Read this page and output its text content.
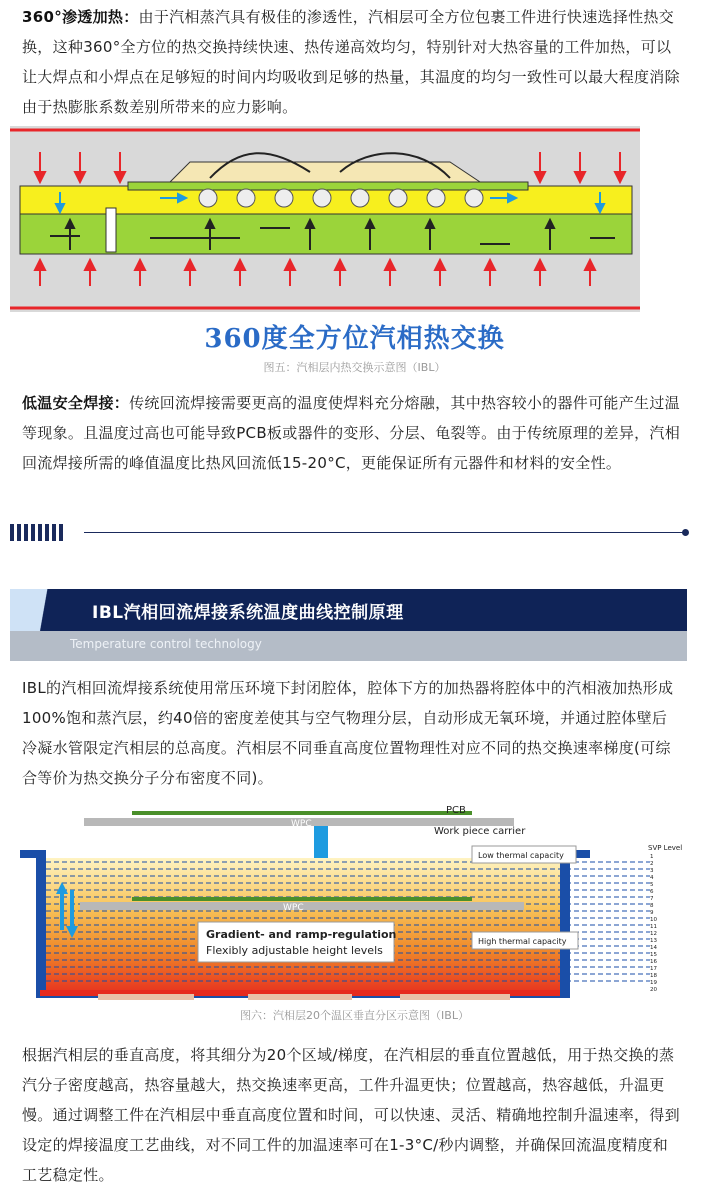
360°渗透加热：由于汽相蒸汽具有极佳的渗透性，汽相层可全方位包裹工件进行快速选择性热交换，这种360°全方位的热交换持续快速、热传递高效均匀，特别针对大热容量的工件加热，可以让大焊点和小焊点在足够短的时间内均吸收到足够的热量，其温度的均匀一致性可以最大程度消除由于热膨胀系数差别所带来的应力影响。
360度全方位汽相热交换
图五：汽相层内热交换示意图（IBL）
低温安全焊接：传统回流焊接需要更高的温度使焊料充分熔融，其中热容较小的器件可能产生过温等现象。且温度过高也可能导致PCB板或器件的变形、分层、龟裂等。由于传统原理的差异，汽相回流焊接所需的峰值温度比热风回流低15-20°C，更能保证所有元器件和材料的安全性。
IBL汽相回流焊接系统温度曲线控制原理
Temperature control technology
IBL的汽相回流焊接系统使用常压环境下封闭腔体，腔体下方的加热器将腔体中的汽相液加热形成100%饱和蒸汽层，约40倍的密度差使其与空气物理分层，自动形成无氧环境，并通过腔体壁后冷凝水管限定汽相层的总高度。汽相层不同垂直高度位置物理性对应不同的热交换速率梯度(可综合等价为热交换分子分布密度不同)。
PCB
WPC
Work piece carrier
WPC
Gradient- and ramp-regulation
Flexibly adjustable height levels
Low thermal capacity
High thermal capacity
SVP Level
1
2
3
4
5
6
7
8
9
10
11
12
13
14
15
16
17
18
19
20
图六：汽相层20个温区垂直分区示意图（IBL）
根据汽相层的垂直高度，将其细分为20个区域/梯度，在汽相层的垂直位置越低，用于热交换的蒸汽分子密度越高，热容量越大，热交换速率更高，工件升温更快；位置越高，热容越低，升温更慢。通过调整工件在汽相层中垂直高度位置和时间，可以快速、灵活、精确地控制升温速率，得到设定的焊接温度工艺曲线，对不同工件的加温速率可在1-3°C/秒内调整，并确保回流温度精度和工艺稳定性。
